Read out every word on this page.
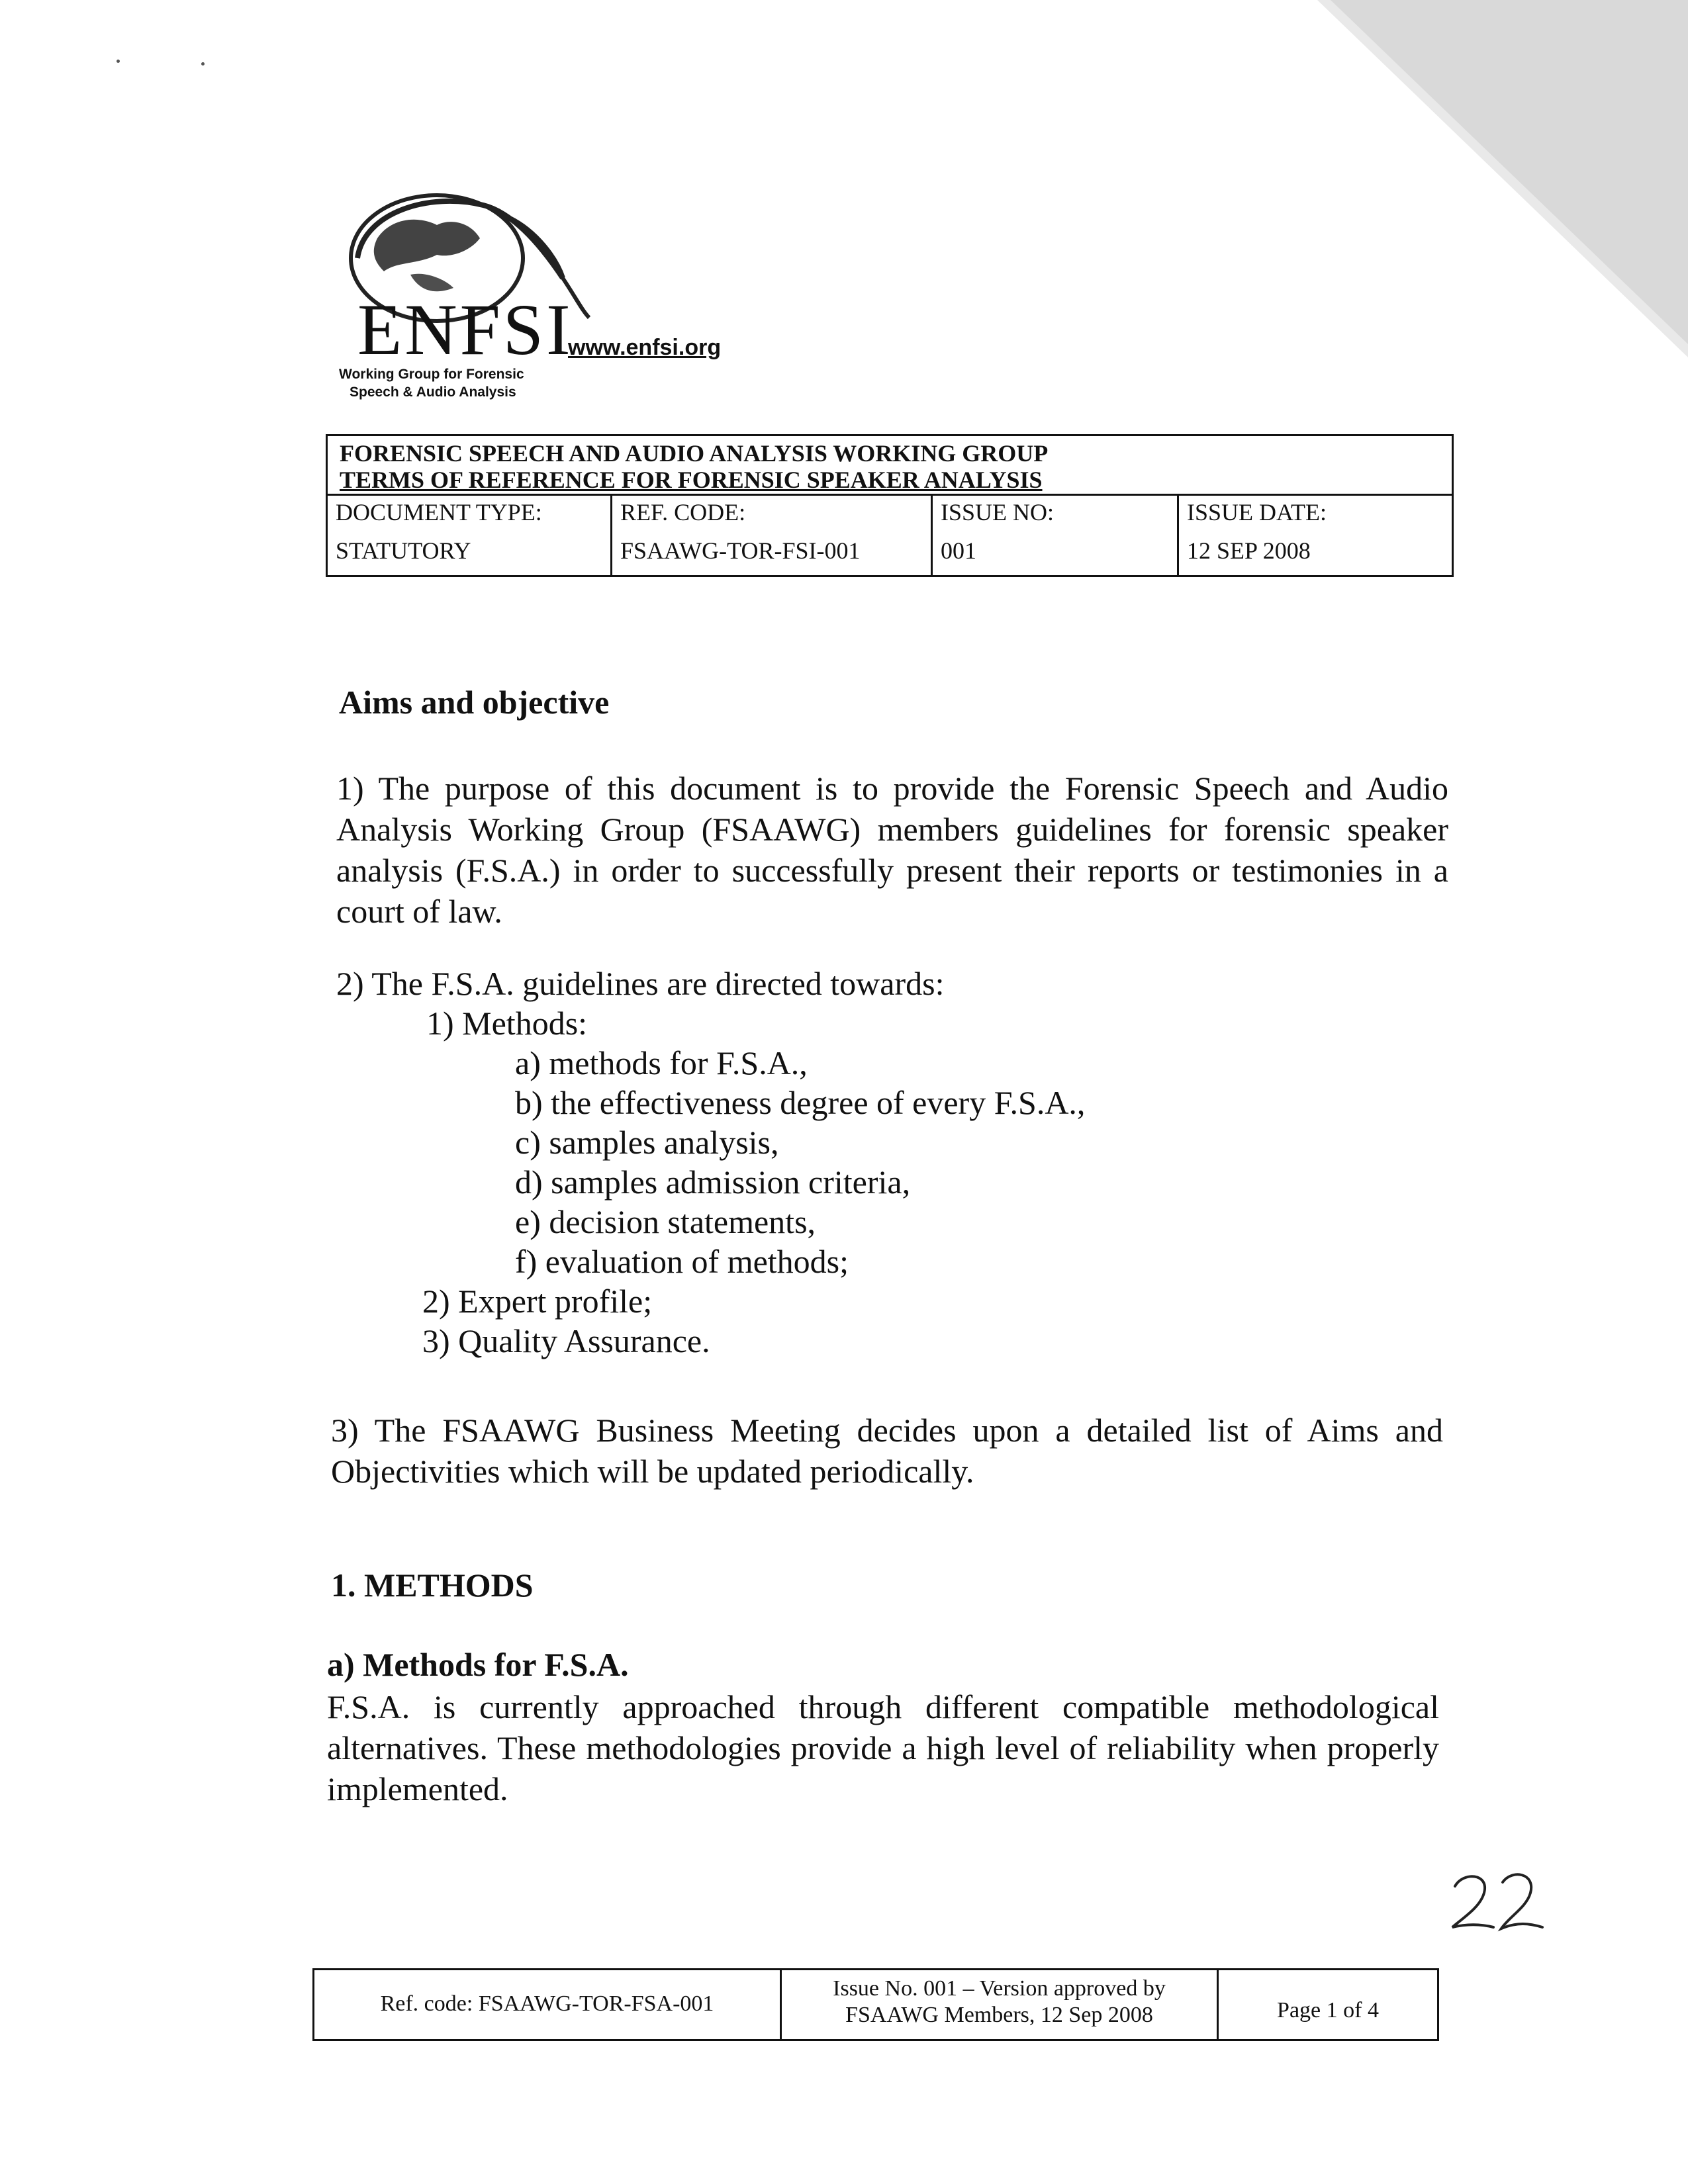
ENFSI
www.enfsi.org
Working Group for Forensic
Speech & Audio Analysis
FORENSIC SPEECH AND AUDIO ANALYSIS WORKING GROUP
TERMS OF REFERENCE FOR FORENSIC SPEAKER ANALYSIS
DOCUMENT TYPE:
STATUTORY
REF. CODE:
FSAAWG-TOR-FSI-001
ISSUE NO:
001
ISSUE DATE:
12 SEP 2008
Aims and objective
1) The purpose of this document is to provide the Forensic Speech and Audio Analysis Working Group (FSAAWG) members guidelines for forensic speaker analysis (F.S.A.) in order to successfully present their reports or testimonies in a court of law.
2) The F.S.A. guidelines are directed towards:
1) Methods:
a) methods for F.S.A.,
b) the effectiveness degree of every F.S.A.,
c) samples analysis,
d) samples admission criteria,
e) decision statements,
f) evaluation of methods;
2) Expert profile;
3) Quality Assurance.
3) The FSAAWG Business Meeting decides upon a detailed list of Aims and Objectivities which will be updated periodically.
1. METHODS
a) Methods for F.S.A.
F.S.A. is currently approached through different compatible methodological alternatives. These methodologies provide a high level of reliability when properly implemented.
Ref. code: FSAAWG-TOR-FSA-001
Issue No. 001 – Version approved by
FSAAWG Members, 12 Sep 2008	Page 1 of 4
